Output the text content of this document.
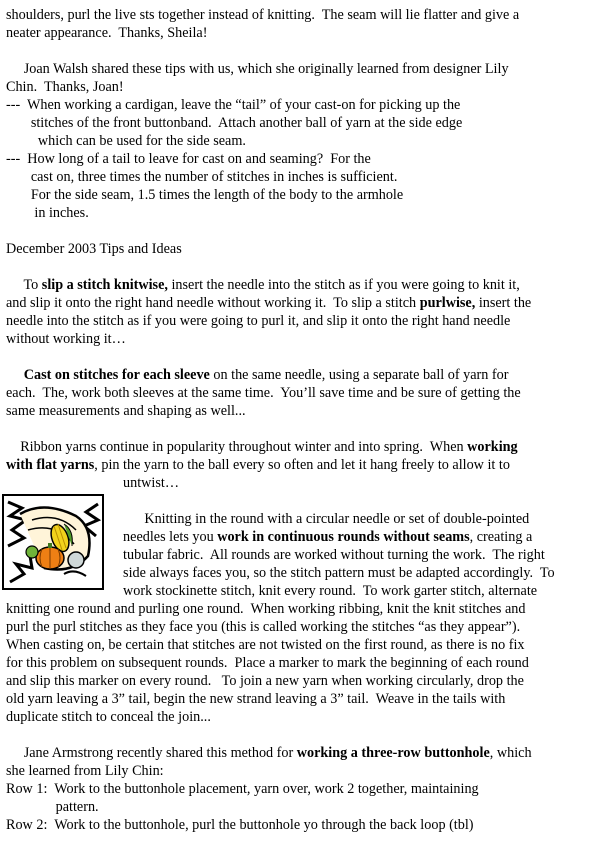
shoulders, purl the live sts together instead of knitting.  The seam will lie flatter and give a
neater appearance.  Thanks, Sheila!
Joan Walsh shared these tips with us, which she originally learned from designer Lily
Chin.  Thanks, Joan!
---  When working a cardigan, leave the “tail” of your cast-on for picking up the
stitches of the front buttonband.  Attach another ball of yarn at the side edge
which can be used for the side seam.
---  How long of a tail to leave for cast on and seaming?  For the
cast on, three times the number of stitches in inches is sufficient.
For the side seam, 1.5 times the length of the body to the armhole
in inches.
December 2003 Tips and Ideas
To slip a stitch knitwise, insert the needle into the stitch as if you were going to knit it,
and slip it onto the right hand needle without working it.  To slip a stitch purlwise, insert the
needle into the stitch as if you were going to purl it, and slip it onto the right hand needle
without working it…
Cast on stitches for each sleeve on the same needle, using a separate ball of yarn for
each.  The, work both sleeves at the same time.  You’ll save time and be sure of getting the
same measurements and shaping as well...
Ribbon yarns continue in popularity throughout winter and into spring.  When working
with flat yarns, pin the yarn to the ball every so often and let it hang freely to allow it to
untwist…
Knitting in the round with a circular needle or set of double-pointed
needles lets you work in continuous rounds without seams, creating a
tubular fabric.  All rounds are worked without turning the work.  The right
side always faces you, so the stitch pattern must be adapted accordingly.  To
work stockinette stitch, knit every round.  To work garter stitch, alternate
knitting one round and purling one round.  When working ribbing, knit the knit stitches and
purl the purl stitches as they face you (this is called working the stitches “as they appear”).
When casting on, be certain that stitches are not twisted on the first round, as there is no fix
for this problem on subsequent rounds.  Place a marker to mark the beginning of each round
and slip this marker on every round.   To join a new yarn when working circularly, drop the
old yarn leaving a 3” tail, begin the new strand leaving a 3” tail.  Weave in the tails with
duplicate stitch to conceal the join...
Jane Armstrong recently shared this method for working a three-row buttonhole, which
she learned from Lily Chin:
Row 1:  Work to the buttonhole placement, yarn over, work 2 together, maintaining
pattern.
Row 2:  Work to the buttonhole, purl the buttonhole yo through the back loop (tbl)
